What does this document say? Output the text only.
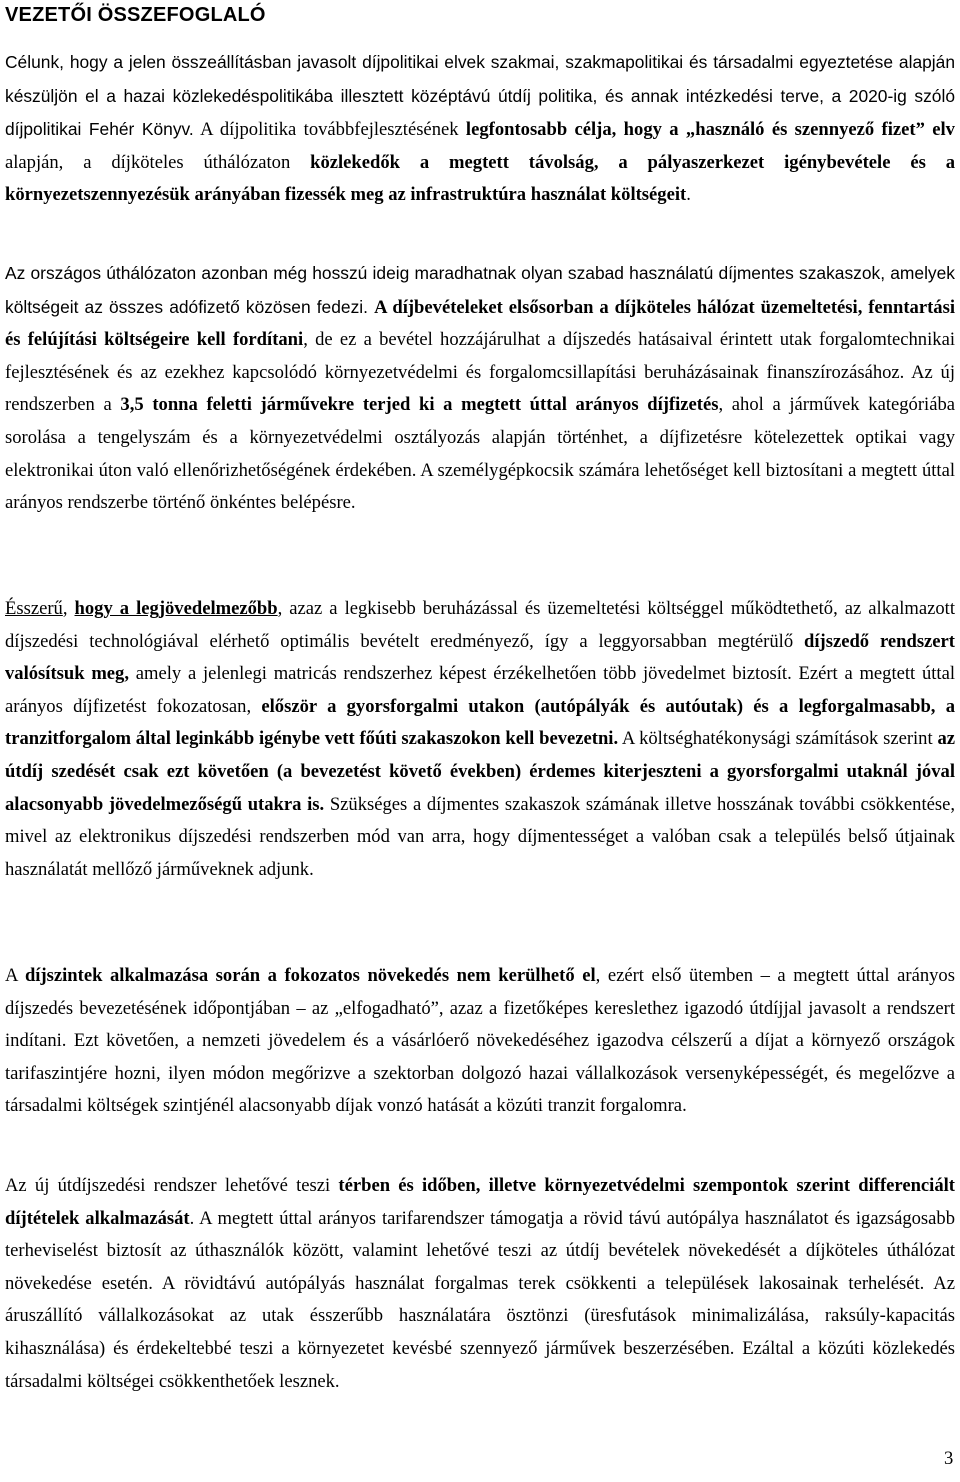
VEZETŐI ÖSSZEFOGLALÓ

Célunk, hogy a jelen összeállításban javasolt díjpolitikai elvek szakmai, szakmapolitikai és társadalmi egyeztetése alapján készüljön el a hazai közlekedéspolitikába illesztett középtávú útdíj politika, és annak intézkedési terve, a 2020-ig szóló díjpolitikai Fehér Könyv. A díjpolitika továbbfejlesztésének legfontosabb célja, hogy a „használó és szennyező fizet” elv alapján, a díjköteles úthálózaton közlekedők a megtett távolság, a pályaszerkezet igénybevétele és a környezetszennyezésük arányában fizessék meg az infrastruktúra használat költségeit.

Az országos úthálózaton azonban még hosszú ideig maradhatnak olyan szabad használatú díjmentes szakaszok, amelyek költségeit az összes adófizető közösen fedezi. A díjbevételeket elsősorban a díjköteles hálózat üzemeltetési, fenntartási és felújítási költségeire kell fordítani, de ez a bevétel hozzájárulhat a díjszedés hatásaival érintett utak forgalomtechnikai fejlesztésének és az ezekhez kapcsolódó környezetvédelmi és forgalomcsillapítási beruházásainak finanszírozásához. Az új rendszerben a 3,5 tonna feletti járművekre terjed ki a megtett úttal arányos díjfizetés, ahol a járművek kategóriába sorolása a tengelyszám és a környezetvédelmi osztályozás alapján történhet, a díjfizetésre kötelezettek optikai vagy elektronikai úton való ellenőrizhetőségének érdekében. A személygépkocsik számára lehetőséget kell biztosítani a megtett úttal arányos rendszerbe történő önkéntes belépésre.

Ésszerű, hogy a legjövedelmezőbb, azaz a legkisebb beruházással és üzemeltetési költséggel működtethető, az alkalmazott díjszedési technológiával elérhető optimális bevételt eredményező, így a leggyorsabban megtérülő díjszedő rendszert valósítsuk meg, amely a jelenlegi matricás rendszerhez képest érzékelhetően több jövedelmet biztosít. Ezért a megtett úttal arányos díjfizetést fokozatosan, először a gyorsforgalmi utakon (autópályák és autóutak) és a legforgalmasabb, a tranzitforgalom által leginkább igénybe vett főúti szakaszokon kell bevezetni. A költséghatékonysági számítások szerint az útdíj szedését csak ezt követően (a bevezetést követő években) érdemes kiterjeszteni a gyorsforgalmi utaknál jóval alacsonyabb jövedelmezőségű utakra is. Szükséges a díjmentes szakaszok számának illetve hosszának további csökkentése, mivel az elektronikus díjszedési rendszerben mód van arra, hogy díjmentességet a valóban csak a település belső útjainak használatát mellőző járműveknek adjunk.

A díjszintek alkalmazása során a fokozatos növekedés nem kerülhető el, ezért első ütemben – a megtett úttal arányos díjszedés bevezetésének időpontjában – az „elfogadható”, azaz a fizetőképes kereslethez igazodó útdíjjal javasolt a rendszert indítani. Ezt követően, a nemzeti jövedelem és a vásárlóerő növekedéséhez igazodva célszerű a díjat a környező országok tarifaszintjére hozni, ilyen módon megőrizve a szektorban dolgozó hazai vállalkozások versenyképességét, és megelőzve a társadalmi költségek szintjénél alacsonyabb díjak vonzó hatását a közúti tranzit forgalomra.

Az új útdíjszedési rendszer lehetővé teszi térben és időben, illetve környezetvédelmi szempontok szerint differenciált díjtételek alkalmazását. A megtett úttal arányos tarifarendszer támogatja a rövid távú autópálya használatot és igazságosabb terheviselést biztosít az úthasználók között, valamint lehetővé teszi az útdíj bevételek növekedését a díjköteles úthálózat növekedése esetén. A rövidtávú autópályás használat forgalmas terek csökkenti a települések lakosainak terhelését. Az áruszállító vállalkozásokat az utak ésszerűbb használatára ösztönzi (üresfutások minimalizálása, raksúly-kapacitás kihasználása) és érdekeltebbé teszi a környezetet kevésbé szennyező járművek beszerzésében. Ezáltal a közúti közlekedés társadalmi költségei csökkenthetőek lesznek.

3
